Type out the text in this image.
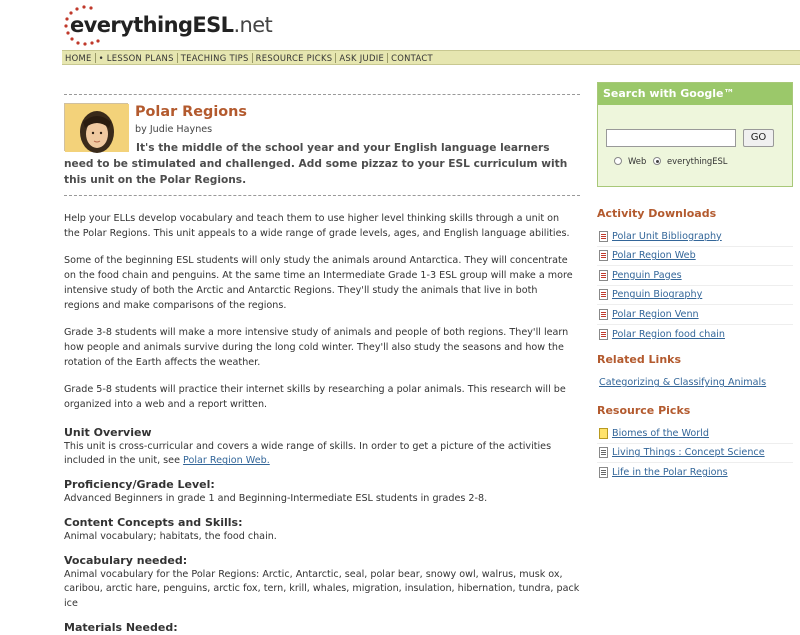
everythingESL.net
HOME • LESSON PLANS TEACHING TIPS RESOURCE PICKS ASK JUDIE CONTACT
Polar Regions
by Judie Haynes
It's the middle of the school year and your English language learners need to be stimulated and challenged. Add some pizzaz to your ESL curriculum with this unit on the Polar Regions.

Help your ELLs develop vocabulary and teach them to use higher level thinking skills through a unit on the Polar Regions. This unit appeals to a wide range of grade levels, ages, and English language abilities.

Some of the beginning ESL students will only study the animals around Antarctica. They will concentrate on the food chain and penguins. At the same time an Intermediate Grade 1-3 ESL group will make a more intensive study of both the Arctic and Antarctic Regions. They'll study the animals that live in both regions and make comparisons of the regions.

Grade 3-8 students will make a more intensive study of animals and people of both regions. They'll learn how people and animals survive during the long cold winter. They'll also study the seasons and how the rotation of the Earth affects the weather.

Grade 5-8 students will practice their internet skills by researching a polar animals. This research will be organized into a web and a report written.

Unit Overview
This unit is cross-curricular and covers a wide range of skills. In order to get a picture of the activities included in the unit, see Polar Region Web.
Proficiency/Grade Level:
Advanced Beginners in grade 1 and Beginning-Intermediate ESL students in grades 2-8.
Content Concepts and Skills:
Animal vocabulary; habitats, the food chain.
Vocabulary needed:
Animal vocabulary for the Polar Regions: Arctic, Antarctic, seal, polar bear, snowy owl, walrus, musk ox, caribou, arctic hare, penguins, arctic fox, tern, krill, whales, migration, insulation, hibernation, tundra, pack ice
Materials Needed:
Search with Google™
GO
Web everythingESL
Activity Downloads
Polar Unit Bibliography
Polar Region Web
Penguin Pages
Penguin Biography
Polar Region Venn
Polar Region food chain
Related Links
Categorizing & Classifying Animals
Resource Picks
Biomes of the World
Living Things : Concept Science
Life in the Polar Regions
